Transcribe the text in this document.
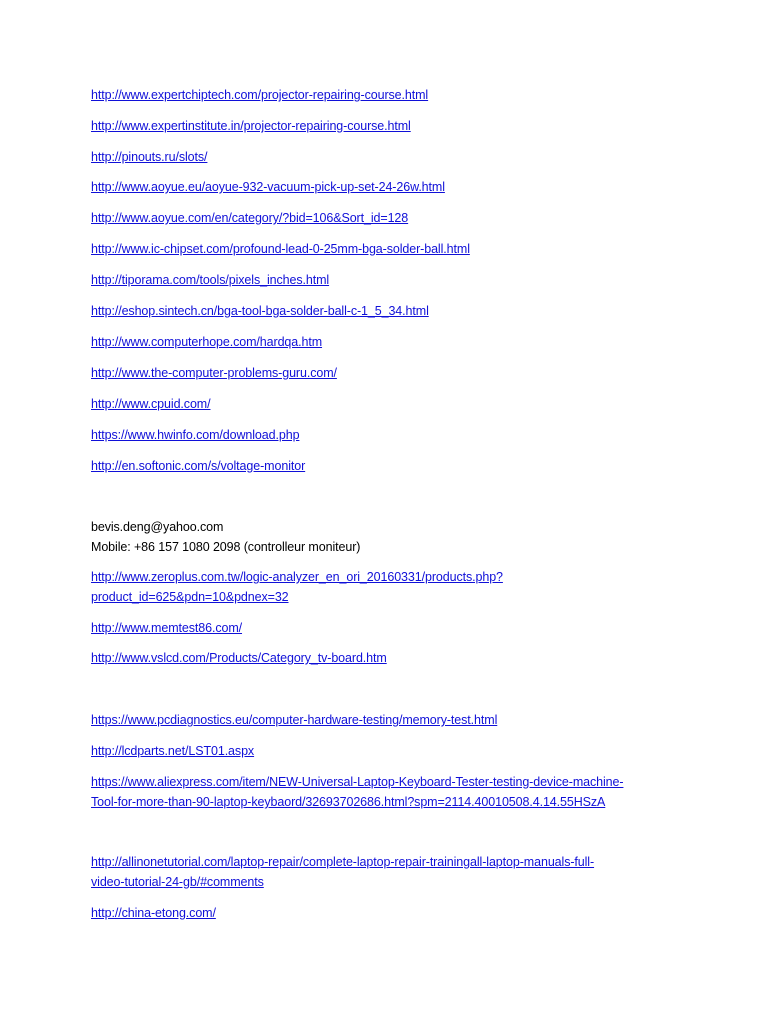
http://www.expertchiptech.com/projector-repairing-course.html
http://www.expertinstitute.in/projector-repairing-course.html
http://pinouts.ru/slots/
http://www.aoyue.eu/aoyue-932-vacuum-pick-up-set-24-26w.html
http://www.aoyue.com/en/category/?bid=106&Sort_id=128
http://www.ic-chipset.com/profound-lead-0-25mm-bga-solder-ball.html
http://tiporama.com/tools/pixels_inches.html
http://eshop.sintech.cn/bga-tool-bga-solder-ball-c-1_5_34.html
http://www.computerhope.com/hardqa.htm
http://www.the-computer-problems-guru.com/
http://www.cpuid.com/
https://www.hwinfo.com/download.php
http://en.softonic.com/s/voltage-monitor
bevis.deng@yahoo.com
Mobile: +86 157 1080 2098 (controlleur moniteur)
http://www.zeroplus.com.tw/logic-analyzer_en_ori_20160331/products.php?
product_id=625&pdn=10&pdnex=32
http://www.memtest86.com/
http://www.vslcd.com/Products/Category_tv-board.htm
https://www.pcdiagnostics.eu/computer-hardware-testing/memory-test.html
http://lcdparts.net/LST01.aspx
https://www.aliexpress.com/item/NEW-Universal-Laptop-Keyboard-Tester-testing-device-machine-
Tool-for-more-than-90-laptop-keybaord/32693702686.html?spm=2114.40010508.4.14.55HSzA
http://allinonetutorial.com/laptop-repair/complete-laptop-repair-trainingall-laptop-manuals-full-
video-tutorial-24-gb/#comments
http://china-etong.com/
